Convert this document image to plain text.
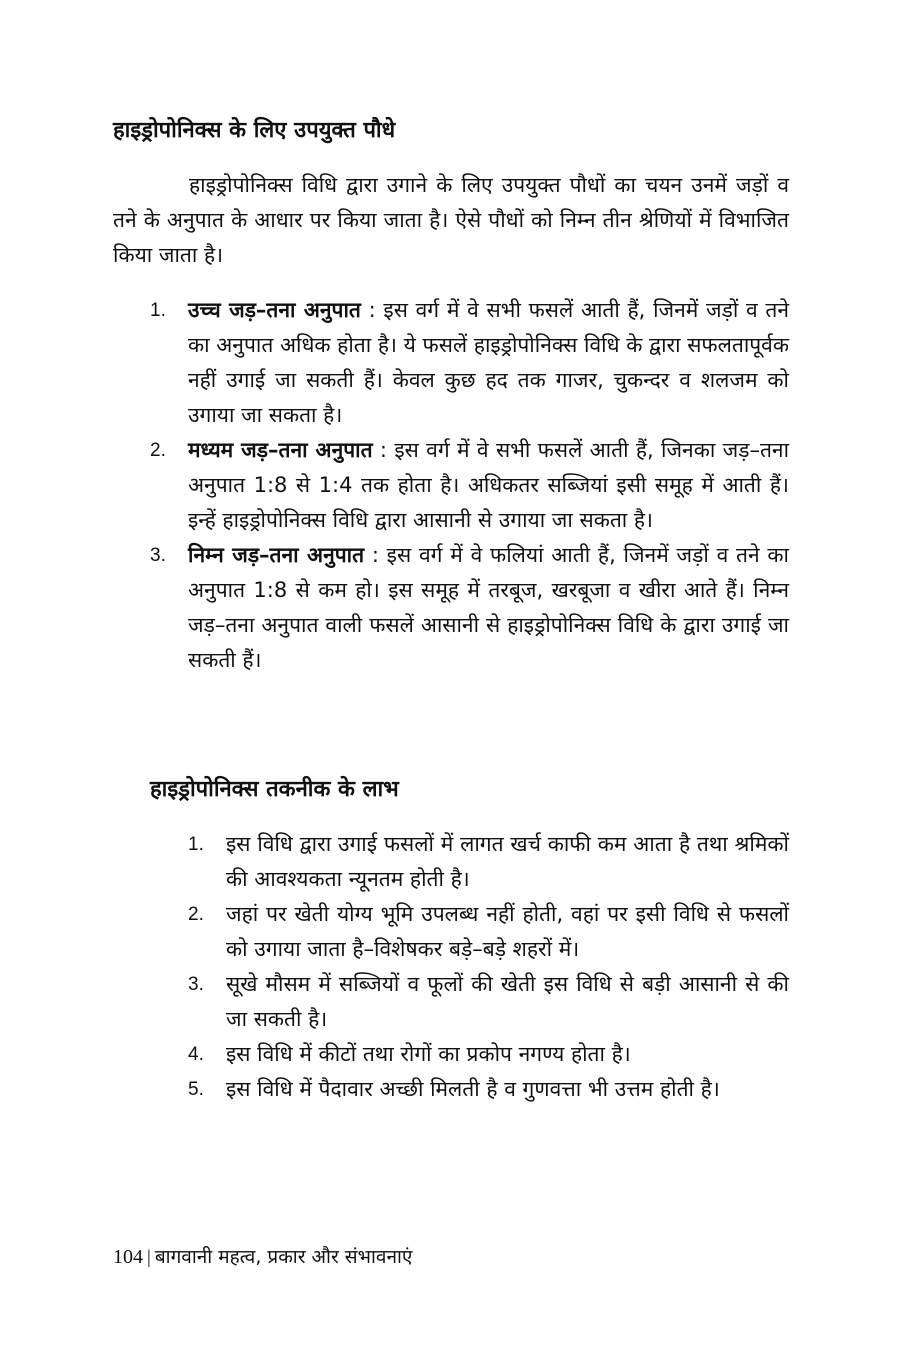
हाइड्रोपोनिक्स के लिए उपयुक्त पौधे

हाइड्रोपोनिक्स विधि द्वारा उगाने के लिए उपयुक्त पौधों का चयन उनमें जड़ों व तने के अनुपात के आधार पर किया जाता है। ऐसे पौधों को निम्न तीन श्रेणियों में विभाजित किया जाता है।

1. उच्च जड़–तना अनुपात : इस वर्ग में वे सभी फसलें आती हैं, जिनमें जड़ों व तने का अनुपात अधिक होता है। ये फसलें हाइड्रोपोनिक्स विधि के द्वारा सफलतापूर्वक नहीं उगाई जा सकती हैं। केवल कुछ हद तक गाजर, चुकन्दर व शलजम को उगाया जा सकता है।
2. मध्यम जड़–तना अनुपात : इस वर्ग में वे सभी फसलें आती हैं, जिनका जड़–तना अनुपात 1:8 से 1:4 तक होता है। अधिकतर सब्जियां इसी समूह में आती हैं। इन्हें हाइड्रोपोनिक्स विधि द्वारा आसानी से उगाया जा सकता है।
3. निम्न जड़–तना अनुपात : इस वर्ग में वे फलियां आती हैं, जिनमें जड़ों व तने का अनुपात 1:8 से कम हो। इस समूह में तरबूज, खरबूजा व खीरा आते हैं। निम्न जड़–तना अनुपात वाली फसलें आसानी से हाइड्रोपोनिक्स विधि के द्वारा उगाई जा सकती हैं।
हाइड्रोपोनिक्स तकनीक के लाभ
1. इस विधि द्वारा उगाई फसलों में लागत खर्च काफी कम आता है तथा श्रमिकों की आवश्यकता न्यूनतम होती है।
2. जहां पर खेती योग्य भूमि उपलब्ध नहीं होती, वहां पर इसी विधि से फसलों को उगाया जाता है–विशेषकर बड़े–बड़े शहरों में।
3. सूखे मौसम में सब्जियों व फूलों की खेती इस विधि से बड़ी आसानी से की जा सकती है।
4. इस विधि में कीटों तथा रोगों का प्रकोप नगण्य होता है।
5. इस विधि में पैदावार अच्छी मिलती है व गुणवत्ता भी उत्तम होती है।
104 | बागवानी महत्व, प्रकार और संभावनाएं
